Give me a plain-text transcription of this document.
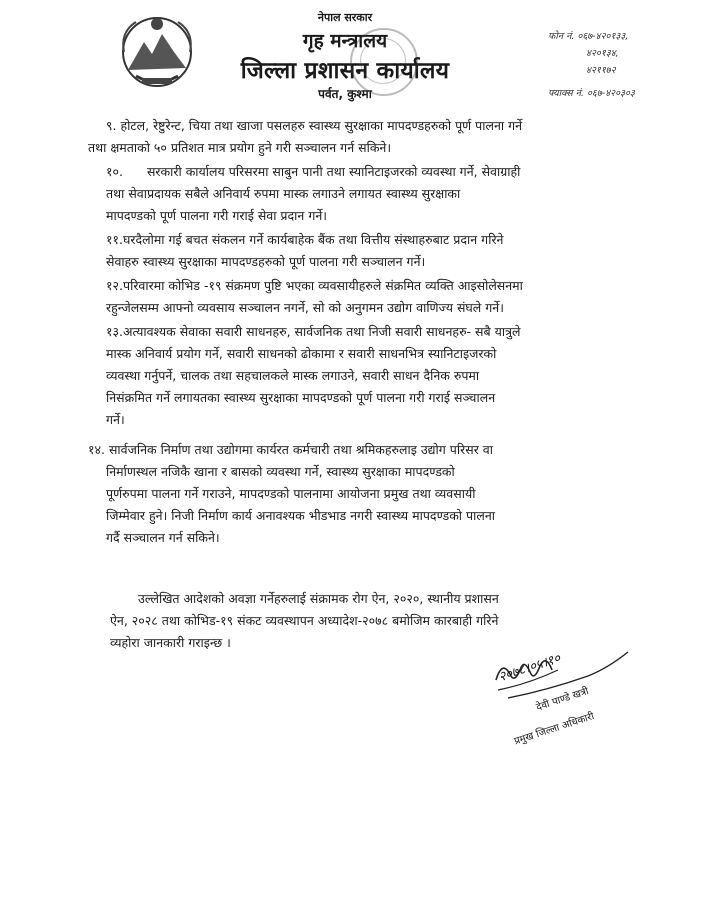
नेपाल सरकार
गृह मन्त्रालय
जिल्ला प्रशासन कार्यालय
पर्वत, कुश्मा
फोन नं. ०६७-४२०१३३,
४२०१३४,
४२११७२
फ्याक्स नं. ०६७-४२०३०३

९. होटल, रेष्टुरेन्ट, चिया तथा खाजा पसलहरु स्वास्थ्य सुरक्षाका मापदण्डहरुको पूर्ण पालना गर्ने

तथा क्षमताको ५० प्रतिशत मात्र प्रयोग हुने गरी सञ्चालन गर्न सकिने।

१०. सरकारी कार्यालय परिसरमा साबुन पानी तथा स्यानिटाइजरको व्यवस्था गर्ने, सेवाग्राही

तथा सेवाप्रदायक सबैले अनिवार्य रुपमा मास्क लगाउने लगायत स्वास्थ्य सुरक्षाका

मापदण्डको पूर्ण पालना गरी गराई सेवा प्रदान गर्ने।

११.घरदैलोमा गई बचत संकलन गर्ने कार्यबाहेक बैंक तथा वित्तीय संस्थाहरुबाट प्रदान गरिने

सेवाहरु स्वास्थ्य सुरक्षाका मापदण्डहरुको पूर्ण पालना गरी सञ्चालन गर्ने।

१२.परिवारमा कोभिड -१९ संक्रमण पुष्टि भएका व्यवसायीहरुले संक्रमित व्यक्ति आइसोलेसनमा

रहुन्जेलसम्म आफ्नो व्यवसाय सञ्चालन नगर्ने, सो को अनुगमन उद्योग वाणिज्य संघले गर्ने।

१३.अत्यावश्यक सेवाका सवारी साधनहरु, सार्वजनिक तथा निजी सवारी साधनहरु- सबै यात्रुले

मास्क अनिवार्य प्रयोग गर्ने, सवारी साधनको ढोकामा र सवारी साधनभित्र स्यानिटाइजरको

व्यवस्था गर्नुपर्ने, चालक तथा सहचालकले मास्क लगाउने, सवारी साधन दैनिक रुपमा

निसंक्रमित गर्ने लगायतका स्वास्थ्य सुरक्षाका मापदण्डको पूर्ण पालना गरी गराई सञ्चालन

गर्ने।

१४. सार्वजनिक निर्माण तथा उद्योगमा कार्यरत कर्मचारी तथा श्रमिकहरुलाइ उद्योग परिसर वा

निर्माणस्थल नजिकै खाना र बासको व्यवस्था गर्ने, स्वास्थ्य सुरक्षाका मापदण्डको

पूर्णरुपमा पालना गर्ने गराउने, मापदण्डको पालनामा आयोजना प्रमुख तथा व्यवसायी

जिम्मेवार हुने। निजी निर्माण कार्य अनावश्यक भीडभाड नगरी स्वास्थ्य मापदण्डको पालना

गर्दै सञ्चालन गर्न सकिने।

उल्लेखित आदेशको अवज्ञा गर्नेहरुलाई संक्रामक रोग ऐन, २०२०, स्थानीय प्रशासन

ऐन, २०२८ तथा कोभिड-१९ संकट व्यवस्थापन अध्यादेश-२०७८ बमोजिम कारबाही गरिने

व्यहोरा जानकारी गराइन्छ ।

२०७८।०५।१०
देवी पाण्डे खत्री
प्रमुख जिल्ला अधिकारी
